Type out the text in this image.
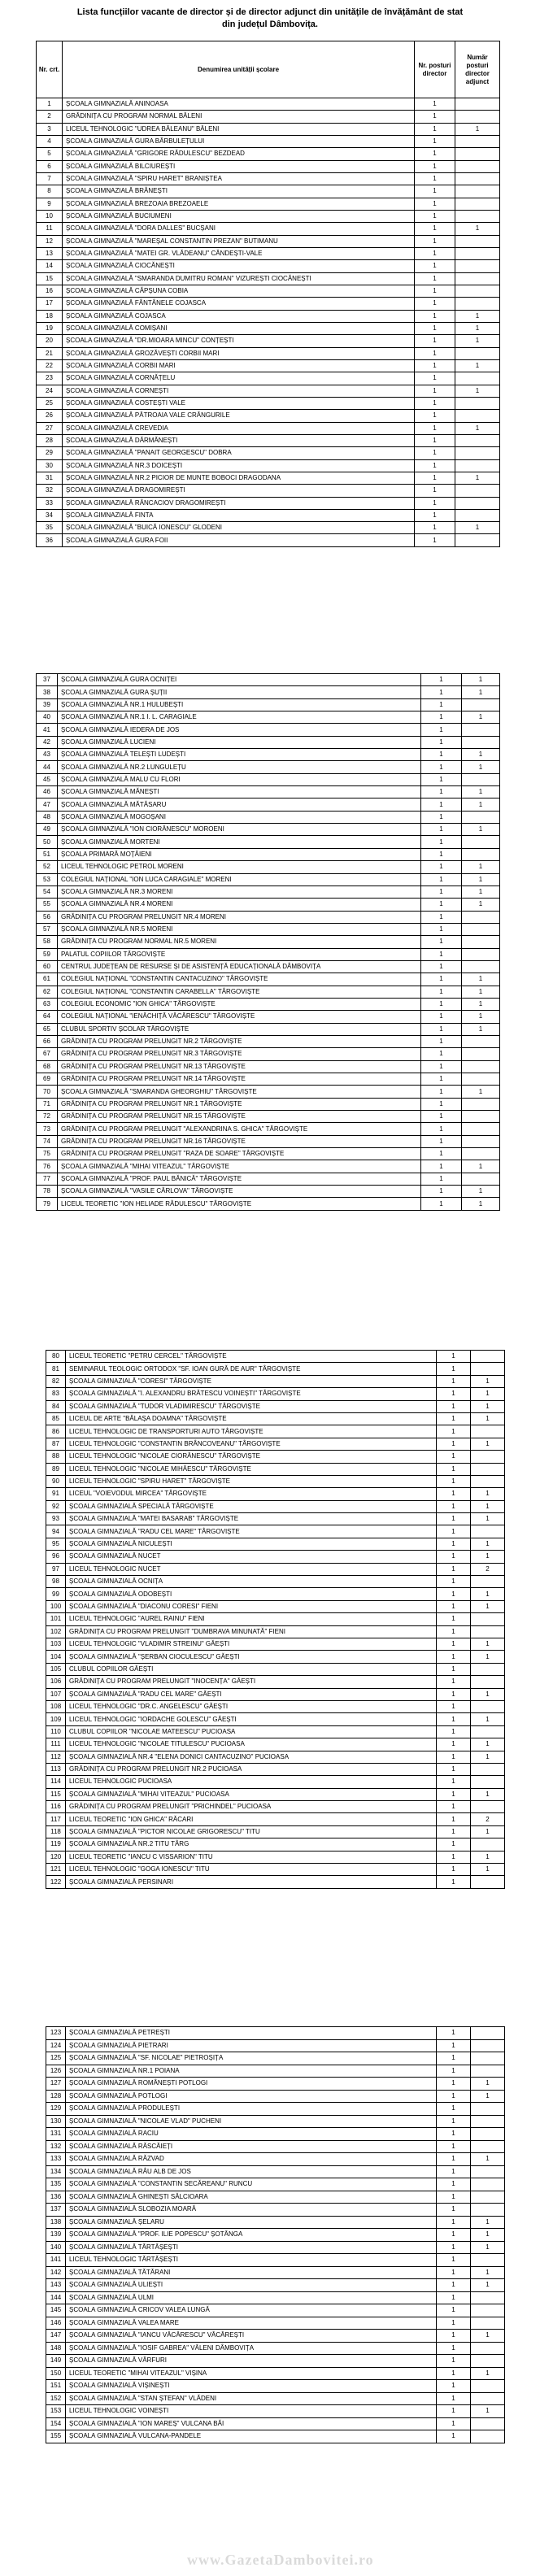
Lista funcțiilor vacante de director și de director adjunct din unitățile de învățământ de stat
din județul Dâmbovița.
Nr. crt.	Denumirea unității școlare	Nr. posturi director	Număr posturi director adjunct
1	ȘCOALA GIMNAZIALĂ ANINOASA	1	
2	GRĂDINIȚA CU PROGRAM NORMAL BĂLENI	1	
3	LICEUL TEHNOLOGIC "UDREA BĂLEANU" BĂLENI	1	1
4	ȘCOALA GIMNAZIALĂ GURA BÂRBULEȚULUI	1	
5	ȘCOALA GIMNAZIALĂ "GRIGORE RĂDULESCU" BEZDEAD	1	
6	ȘCOALA GIMNAZIALĂ BILCIUREȘTI	1	
7	ȘCOALA GIMNAZIALĂ "SPIRU HARET" BRANIȘTEA	1	
8	ȘCOALA GIMNAZIALĂ BRĂNEȘTI	1	
9	ȘCOALA GIMNAZIALĂ BREZOAIA BREZOAELE	1	
10	ȘCOALA GIMNAZIALĂ BUCIUMENI	1	
11	ȘCOALA GIMNAZIALĂ "DORA DALLES" BUCȘANI	1	1
12	ȘCOALA GIMNAZIALĂ "MAREȘAL CONSTANTIN PREZAN" BUTIMANU	1	
13	ȘCOALA GIMNAZIALĂ "MATEI GR. VLĂDEANU" CĂNDEȘTI-VALE	1	
14	ȘCOALA GIMNAZIALĂ CIOCĂNEȘTI	1	
15	ȘCOALA GIMNAZIALĂ "SMARANDA DUMITRU ROMAN" VIZUREȘTI CIOCĂNEȘTI	1	
16	ȘCOALA GIMNAZIALĂ CĂPȘUNA COBIA	1	
17	ȘCOALA GIMNAZIALĂ FÂNTÂNELE COJASCA	1	
18	ȘCOALA GIMNAZIALĂ COJASCA	1	1
19	ȘCOALA GIMNAZIALĂ COMIȘANI	1	1
20	ȘCOALA GIMNAZIALĂ "DR.MIOARA MINCU" CONȚEȘTI	1	1
21	ȘCOALA GIMNAZIALĂ GROZĂVEȘTI CORBII MARI	1	
22	ȘCOALA GIMNAZIALĂ CORBII MARI	1	1
23	ȘCOALA GIMNAZIALĂ CORNĂȚELU	1	
24	ȘCOALA GIMNAZIALĂ CORNEȘTI	1	1
25	ȘCOALA GIMNAZIALĂ COSTEȘTI VALE	1	
26	ȘCOALA GIMNAZIALĂ PĂTROAIA VALE CRÂNGURILE	1	
27	ȘCOALA GIMNAZIALĂ CREVEDIA	1	1
28	ȘCOALA GIMNAZIALĂ DĂRMĂNEȘTI	1	
29	ȘCOALA GIMNAZIALĂ "PANAIT GEORGESCU" DOBRA	1	
30	ȘCOALA GIMNAZIALĂ NR.3 DOICEȘTI	1	
31	ȘCOALA GIMNAZIALĂ NR.2 PICIOR DE MUNTE BOBOCI DRAGODANA	1	1
32	ȘCOALA GIMNAZIALĂ DRAGOMIREȘTI	1	
33	ȘCOALA GIMNAZIALĂ RÂNCACIOV DRAGOMIREȘTI	1	
34	ȘCOALA GIMNAZIALĂ FINTA	1	
35	ȘCOALA GIMNAZIALĂ "BUICĂ IONESCU" GLODENI	1	1
36	ȘCOALA GIMNAZIALĂ GURA FOII	1	
37	ȘCOALA GIMNAZIALĂ GURA OCNIȚEI	1	1
38	ȘCOALA GIMNAZIALĂ GURA ȘUȚII	1	1
39	ȘCOALA GIMNAZIALĂ NR.1 HULUBEȘTI	1	
40	ȘCOALA GIMNAZIALĂ NR.1 I. L. CARAGIALE	1	1
41	ȘCOALA GIMNAZIALĂ IEDERA DE JOS	1	
42	ȘCOALA GIMNAZIALĂ LUCIENI	1	
43	ȘCOALA GIMNAZIALĂ TELEȘTI LUDEȘTI	1	1
44	ȘCOALA GIMNAZIALĂ NR.2 LUNGULEȚU	1	1
45	ȘCOALA GIMNAZIALĂ MALU CU FLORI	1	
46	ȘCOALA GIMNAZIALĂ MĂNEȘTI	1	1
47	ȘCOALA GIMNAZIALĂ MĂTĂSARU	1	1
48	ȘCOALA GIMNAZIALĂ MOGOȘANI	1	
49	ȘCOALA GIMNAZIALĂ "ION CIORĂNESCU" MOROENI	1	1
50	ȘCOALA GIMNAZIALĂ MORTENI	1	
51	ȘCOALA PRIMARĂ MOȚĂIENI	1	
52	LICEUL TEHNOLOGIC PETROL MORENI	1	1
53	COLEGIUL NAȚIONAL "ION LUCA CARAGIALE" MORENI	1	1
54	ȘCOALA GIMNAZIALĂ NR.3 MORENI	1	1
55	ȘCOALA GIMNAZIALĂ NR.4 MORENI	1	1
56	GRĂDINIȚA CU PROGRAM PRELUNGIT NR.4 MORENI	1	
57	ȘCOALA GIMNAZIALĂ NR.5 MORENI	1	
58	GRĂDINIȚA CU PROGRAM NORMAL NR.5 MORENI	1	
59	PALATUL COPIILOR TÂRGOVIȘTE	1	
60	CENTRUL JUDEȚEAN DE RESURSE ȘI DE ASISTENȚĂ EDUCAȚIONALĂ DÂMBOVIȚA	1	
61	COLEGIUL NAȚIONAL "CONSTANTIN CANTACUZINO" TÂRGOVIȘTE	1	1
62	COLEGIUL NAȚIONAL "CONSTANTIN CARABELLA" TÂRGOVIȘTE	1	1
63	COLEGIUL ECONOMIC "ION GHICA" TÂRGOVIȘTE	1	1
64	COLEGIUL NAȚIONAL "IENĂCHIȚĂ VĂCĂRESCU" TÂRGOVIȘTE	1	1
65	CLUBUL SPORTIV ȘCOLAR TÂRGOVIȘTE	1	1
66	GRĂDINIȚA CU PROGRAM PRELUNGIT NR.2 TÂRGOVIȘTE	1	
67	GRĂDINIȚA CU PROGRAM PRELUNGIT NR.3 TÂRGOVIȘTE	1	
68	GRĂDINIȚA CU PROGRAM PRELUNGIT NR.13 TÂRGOVIȘTE	1	
69	GRĂDINIȚA CU PROGRAM PRELUNGIT NR.14 TÂRGOVIȘTE	1	
70	ȘCOALA GIMNAZIALĂ "SMARANDA GHEORGHIU" TÂRGOVIȘTE	1	1
71	GRĂDINIȚA CU PROGRAM PRELUNGIT NR.1 TÂRGOVIȘTE	1	
72	GRĂDINIȚA CU PROGRAM PRELUNGIT NR.15 TÂRGOVIȘTE	1	
73	GRĂDINIȚA CU PROGRAM PRELUNGIT "ALEXANDRINA S. GHICA" TÂRGOVIȘTE	1	
74	GRĂDINIȚA CU PROGRAM PRELUNGIT NR.16 TÂRGOVIȘTE	1	
75	GRĂDINIȚA CU PROGRAM PRELUNGIT "RAZA DE SOARE" TÂRGOVIȘTE	1	
76	ȘCOALA GIMNAZIALĂ "MIHAI VITEAZUL" TÂRGOVIȘTE	1	1
77	ȘCOALA GIMNAZIALĂ "PROF. PAUL BĂNICĂ" TÂRGOVIȘTE	1	
78	ȘCOALA GIMNAZIALĂ "VASILE CÂRLOVA" TÂRGOVIȘTE	1	1
79	LICEUL TEORETIC "ION HELIADE RĂDULESCU" TÂRGOVIȘTE	1	1
80	LICEUL TEORETIC "PETRU CERCEL" TÂRGOVIȘTE	1	
81	SEMINARUL TEOLOGIC ORTODOX "SF. IOAN GURĂ DE AUR" TÂRGOVIȘTE	1	
82	ȘCOALA GIMNAZIALĂ "CORESI" TÂRGOVIȘTE	1	1
83	ȘCOALA GIMNAZIALĂ "I. ALEXANDRU BRĂTESCU VOINEȘTI" TÂRGOVIȘTE	1	1
84	ȘCOALA GIMNAZIALĂ "TUDOR VLADIMIRESCU" TÂRGOVIȘTE	1	1
85	LICEUL DE ARTE "BĂLAȘA DOAMNA" TÂRGOVIȘTE	1	1
86	LICEUL TEHNOLOGIC DE TRANSPORTURI AUTO TÂRGOVIȘTE	1	
87	LICEUL TEHNOLOGIC "CONSTANTIN BRÂNCOVEANU" TÂRGOVIȘTE	1	1
88	LICEUL TEHNOLOGIC "NICOLAE CIORĂNESCU" TÂRGOVIȘTE	1	
89	LICEUL TEHNOLOGIC "NICOLAE MIHĂESCU" TÂRGOVIȘTE	1	
90	LICEUL TEHNOLOGIC "SPIRU HARET" TÂRGOVIȘTE	1	
91	LICEUL "VOIEVODUL MIRCEA" TÂRGOVIȘTE	1	1
92	ȘCOALA GIMNAZIALĂ SPECIALĂ TÂRGOVIȘTE	1	1
93	ȘCOALA GIMNAZIALĂ "MATEI BASARAB" TÂRGOVIȘTE	1	1
94	ȘCOALA GIMNAZIALĂ "RADU CEL MARE" TÂRGOVIȘTE	1	
95	ȘCOALA GIMNAZIALĂ NICULEȘTI	1	1
96	ȘCOALA GIMNAZIALĂ NUCET	1	1
97	LICEUL TEHNOLOGIC NUCET	1	2
98	ȘCOALA GIMNAZIALĂ OCNIȚA	1	
99	ȘCOALA GIMNAZIALĂ ODOBEȘTI	1	1
100	ȘCOALA GIMNAZIALĂ "DIACONU CORESI" FIENI	1	1
101	LICEUL TEHNOLOGIC "AUREL RAINU" FIENI	1	
102	GRĂDINIȚA CU PROGRAM PRELUNGIT "DUMBRAVA MINUNATĂ" FIENI	1	
103	LICEUL TEHNOLOGIC "VLADIMIR STREINU" GĂEȘTI	1	1
104	ȘCOALA GIMNAZIALĂ "ȘERBAN CIOCULESCU" GĂEȘTI	1	1
105	CLUBUL COPIILOR GĂEȘTI	1	
106	GRĂDINIȚA CU PROGRAM PRELUNGIT "INOCENȚA" GĂEȘTI	1	
107	ȘCOALA GIMNAZIALĂ "RADU CEL MARE" GĂEȘTI	1	1
108	LICEUL TEHNOLOGIC "DR.C. ANGELESCU" GĂEȘTI	1	
109	LICEUL TEHNOLOGIC "IORDACHE GOLESCU" GĂEȘTI	1	1
110	CLUBUL COPIILOR "NICOLAE MATEESCU" PUCIOASA	1	
111	LICEUL TEHNOLOGIC "NICOLAE TITULESCU" PUCIOASA	1	1
112	ȘCOALA GIMNAZIALĂ NR.4 "ELENA DONICI CANTACUZINO" PUCIOASA	1	1
113	GRĂDINIȚA CU PROGRAM PRELUNGIT NR.2 PUCIOASA	1	
114	LICEUL TEHNOLOGIC PUCIOASA	1	
115	ȘCOALA GIMNAZIALĂ "MIHAI VITEAZUL" PUCIOASA	1	1
116	GRĂDINIȚA CU PROGRAM PRELUNGIT "PRICHINDEL" PUCIOASA	1	
117	LICEUL TEORETIC "ION GHICA" RĂCARI	1	2
118	ȘCOALA GIMNAZIALĂ "PICTOR NICOLAE GRIGORESCU" TITU	1	1
119	ȘCOALA GIMNAZIALĂ NR.2 TITU TÂRG	1	
120	LICEUL TEORETIC "IANCU C VISSARION" TITU	1	1
121	LICEUL TEHNOLOGIC "GOGA IONESCU" TITU	1	1
122	ȘCOALA GIMNAZIALĂ PERSINARI	1	
123	ȘCOALA GIMNAZIALĂ PETREȘTI	1	
124	ȘCOALA GIMNAZIALĂ PIETRARI	1	
125	ȘCOALA GIMNAZIALĂ "SF. NICOLAE" PIETROȘIȚA	1	
126	ȘCOALA GIMNAZIALĂ NR.1 POIANA	1	
127	ȘCOALA GIMNAZIALĂ ROMÂNEȘTI POTLOGI	1	1
128	ȘCOALA GIMNAZIALĂ POTLOGI	1	1
129	ȘCOALA GIMNAZIALĂ PRODULEȘTI	1	
130	ȘCOALA GIMNAZIALĂ "NICOLAE VLAD" PUCHENI	1	
131	ȘCOALA GIMNAZIALĂ RACIU	1	
132	ȘCOALA GIMNAZIALĂ RĂSCĂIEȚI	1	
133	ȘCOALA GIMNAZIALĂ RĂZVAD	1	1
134	ȘCOALA GIMNAZIALĂ RÂU ALB DE JOS	1	
135	ȘCOALA GIMNAZIALĂ "CONSTANTIN SECĂREANU" RUNCU	1	
136	ȘCOALA GIMNAZIALĂ GHINEȘTI SĂLCIOARA	1	
137	ȘCOALA GIMNAZIALĂ SLOBOZIA MOARĂ	1	
138	ȘCOALA GIMNAZIALĂ ȘELARU	1	1
139	ȘCOALA GIMNAZIALĂ "PROF. ILIE POPESCU" ȘOTÂNGA	1	1
140	ȘCOALA GIMNAZIALĂ TĂRTĂȘEȘTI	1	1
141	LICEUL TEHNOLOGIC TĂRTĂȘEȘTI	1	
142	ȘCOALA GIMNAZIALĂ TĂTĂRANI	1	1
143	ȘCOALA GIMNAZIALĂ ULIEȘTI	1	1
144	ȘCOALA GIMNAZIALĂ ULMI	1	
145	ȘCOALA GIMNAZIALĂ CRICOV VALEA LUNGĂ	1	
146	ȘCOALA GIMNAZIALĂ VALEA MARE	1	
147	ȘCOALA GIMNAZIALĂ "IANCU VĂCĂRESCU" VĂCĂREȘTI	1	1
148	ȘCOALA GIMNAZIALĂ "IOSIF GABREA" VĂLENI DÂMBOVIȚA	1	
149	ȘCOALA GIMNAZIALĂ VÂRFURI	1	
150	LICEUL TEORETIC "MIHAI VITEAZUL" VIȘINA	1	1
151	ȘCOALA GIMNAZIALĂ VIȘINEȘTI	1	
152	ȘCOALA GIMNAZIALĂ "STAN ȘTEFAN" VLĂDENI	1	
153	LICEUL TEHNOLOGIC VOINEȘTI	1	1
154	ȘCOALA GIMNAZIALĂ "ION MAREȘ" VULCANA BĂI	1	
155	ȘCOALA GIMNAZIALĂ VULCANA-PANDELE	1	
www.GazetaDambovitei.ro
